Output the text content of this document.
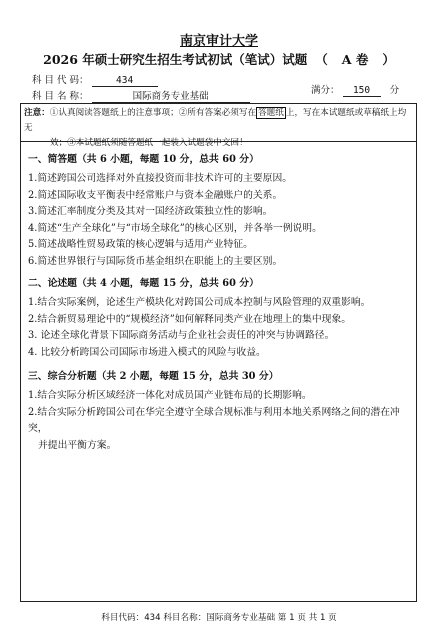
南京审计大学
2026 年硕士研究生招生考试初试（笔试）试题 （ A 卷 ）
科 目 代 码：	434
科 目 名 称：	国际商务专业基础
满分： 150 分
注意：①认真阅读答题纸上的注意事项；②所有答案必须写在 答题纸 上，写在本试题纸或草稿纸上均无
效；③本试题纸须随答题纸一起装入试题袋中交回！
一、简答题（共 6 小题，每题 10 分，总共 60 分）
1.简述跨国公司选择对外直接投资而非技术许可的主要原因。
2.简述国际收支平衡表中经常账户与资本金融账户的关系。
3.简述汇率制度分类及其对一国经济政策独立性的影响。
4.简述“生产全球化”与“市场全球化”的核心区别，并各举一例说明。
5.简述战略性贸易政策的核心逻辑与适用产业特征。
6.简述世界银行与国际货币基金组织在职能上的主要区别。
二、论述题（共 4 小题，每题 15 分，总共 60 分）
1.结合实际案例，论述生产模块化对跨国公司成本控制与风险管理的双重影响。
2.结合新贸易理论中的“规模经济”如何解释同类产业在地理上的集中现象。
3. 论述全球化背景下国际商务活动与企业社会责任的冲突与协调路径。
4. 比较分析跨国公司国际市场进入模式的风险与收益。
三、综合分析题（共 2 小题，每题 15 分，总共 30 分）
1.结合实际分析区域经济一体化对成员国产业链布局的长期影响。
2.结合实际分析跨国公司在华完全遵守全球合规标准与利用本地关系网络之间的潜在冲突，
并提出平衡方案。
科目代码：434 科目名称：国际商务专业基础 第 1 页 共 1 页
